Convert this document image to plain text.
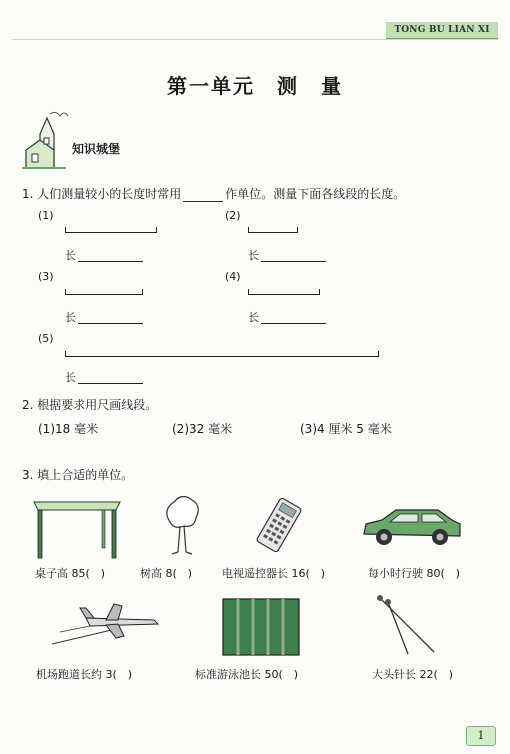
TONG BU LIAN XI
第一单元　测　量
知识城堡
1. 人们测量较小的长度时常用	作单位。测量下面各线段的长度。
(1)
长
(2)
长
(3)
长
(4)
长
(5)
长
2. 根据要求用尺画线段。
(1)18 毫米	(2)32 毫米	(3)4 厘米 5 毫米
3. 填上合适的单位。
桌子高 85(　)	树高 8(　)	电视遥控器长 16(　)	每小时行驶 80(　)
机场跑道长约 3(　)	标准游泳池长 50(　)	大头针长 22(　)
1
